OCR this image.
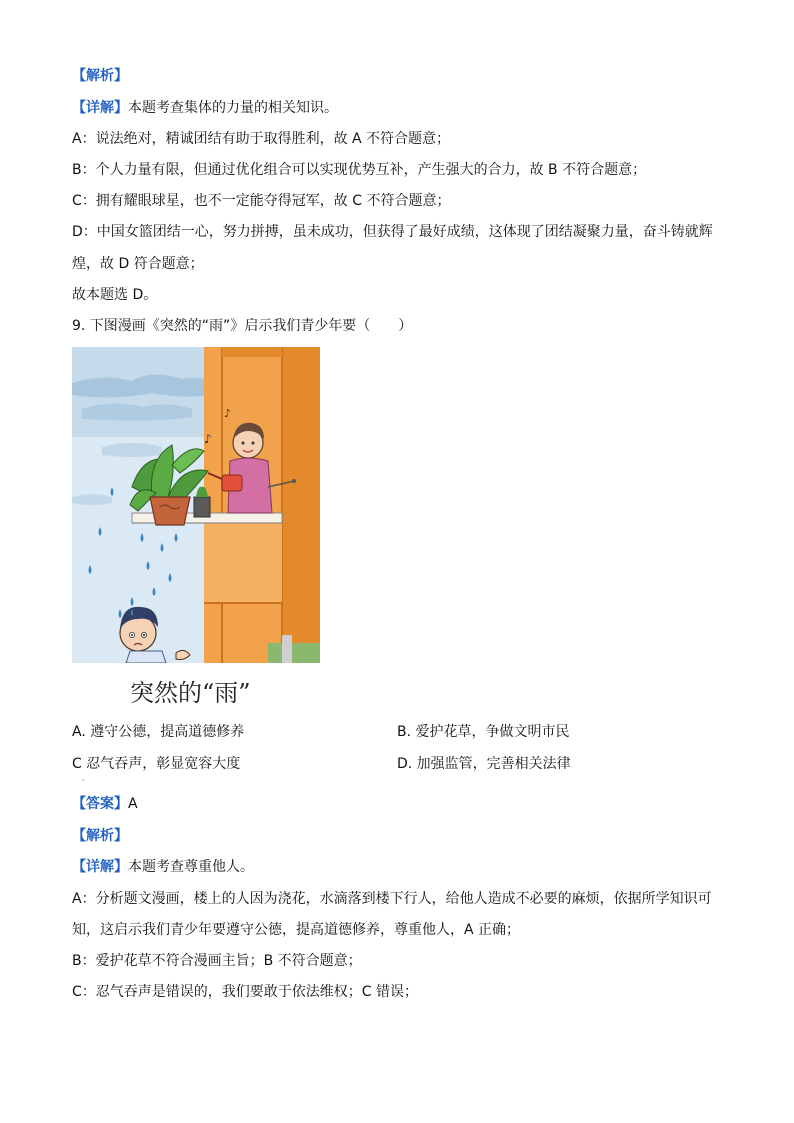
【解析】
【详解】本题考查集体的力量的相关知识。
A：说法绝对，精诚团结有助于取得胜利，故 A 不符合题意；
B：个人力量有限，但通过优化组合可以实现优势互补，产生强大的合力，故 B 不符合题意；
C：拥有耀眼球星，也不一定能夺得冠军，故 C 不符合题意；
D：中国女篮团结一心，努力拼搏，虽未成功，但获得了最好成绩，这体现了团结凝聚力量，奋斗铸就辉
煌，故 D 符合题意；
故本题选 D。
9. 下图漫画《突然的“雨”》启示我们青少年要（　　）
♪
♪
突然的“雨”
A. 遵守公德，提高道德修养	B. 爱护花草，争做文明市民
C 忍气吞声，彰显宽容大度	D. 加强监管，完善相关法律
·
【答案】A
【解析】
【详解】本题考查尊重他人。
A：分析题文漫画，楼上的人因为浇花，水滴落到楼下行人，给他人造成不必要的麻烦，依据所学知识可
知，这启示我们青少年要遵守公德，提高道德修养，尊重他人，A 正确；
B：爱护花草不符合漫画主旨；B 不符合题意；
C：忍气吞声是错误的，我们要敢于依法维权；C 错误；
